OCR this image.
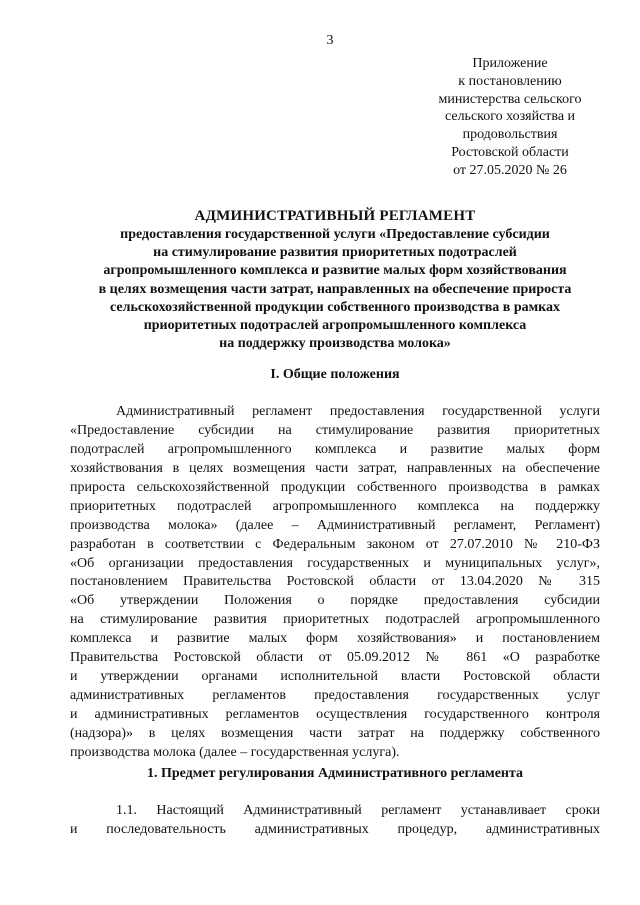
3
Приложение
к постановлению
министерства сельского
сельского хозяйства и
продовольствия
Ростовской области
от 27.05.2020 № 26
АДМИНИСТРАТИВНЫЙ РЕГЛАМЕНТ
предоставления государственной услуги «Предоставление субсидии
на стимулирование развития приоритетных подотраслей
агропромышленного комплекса и развитие малых форм хозяйствования
в целях возмещения части затрат, направленных на обеспечение прироста
сельскохозяйственной продукции собственного производства в рамках
приоритетных подотраслей агропромышленного комплекса
на поддержку производства молока»
I. Общие положения
Административный регламент предоставления государственной услуги
«Предоставление субсидии на стимулирование развития приоритетных
подотраслей агропромышленного комплекса и развитие малых форм
хозяйствования в целях возмещения части затрат, направленных на обеспечение
прироста сельскохозяйственной продукции собственного производства в рамках
приоритетных подотраслей агропромышленного комплекса на поддержку
производства молока» (далее – Административный регламент, Регламент)
разработан в соответствии с Федеральным законом от 27.07.2010 № 210-ФЗ
«Об организации предоставления государственных и муниципальных услуг»,
постановлением Правительства Ростовской области от 13.04.2020 № 315
«Об утверждении Положения о порядке предоставления субсидии
на стимулирование развития приоритетных подотраслей агропромышленного
комплекса и развитие малых форм хозяйствования» и постановлением
Правительства Ростовской области от 05.09.2012 № 861 «О разработке
и утверждении органами исполнительной власти Ростовской области
административных регламентов предоставления государственных услуг
и административных регламентов осуществления государственного контроля
(надзора)» в целях возмещения части затрат на поддержку собственного
производства молока (далее – государственная услуга).
1. Предмет регулирования Административного регламента
1.1. Настоящий Административный регламент устанавливает сроки
и последовательность административных процедур, административных
